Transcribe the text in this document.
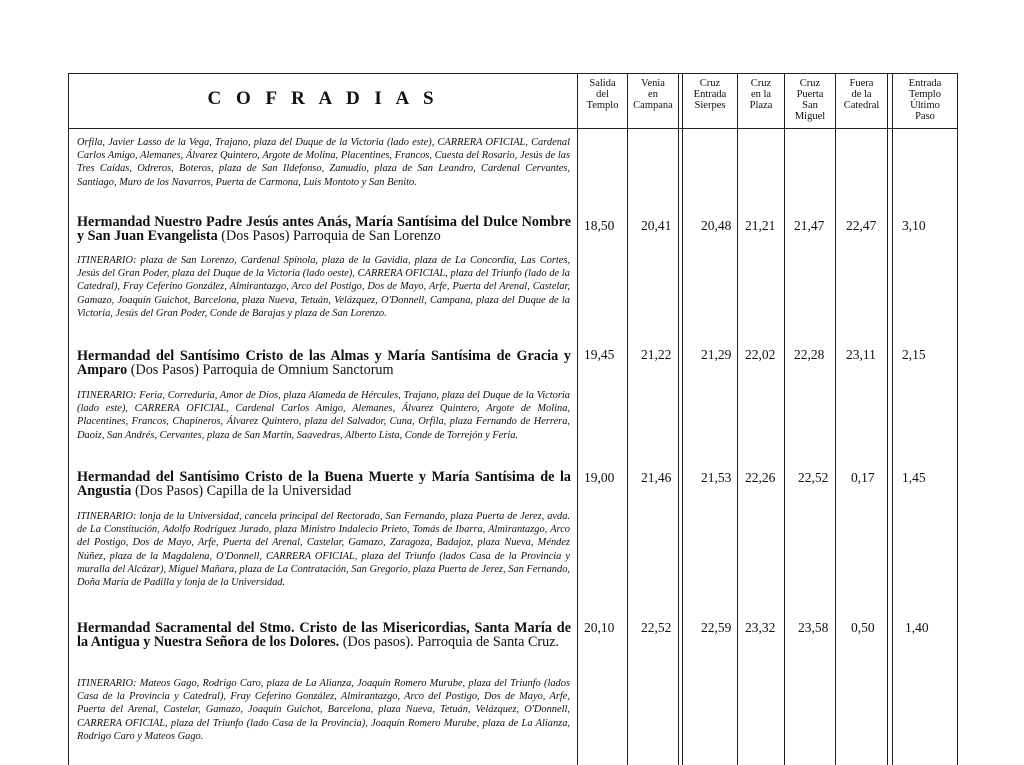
C O F R A D I A S
Salida
del
Templo
Venia
en
Campana
Cruz
Entrada
Sierpes
Cruz
en la
Plaza
Cruz
Puerta
San
Miguel
Fuera
de la
Catedral
Entrada
Templo
Último
Paso
Orfila, Javier Lasso de la Vega, Trajano, plaza del Duque de la Victoria (lado este), CARRERA OFICIAL, Cardenal Carlos Amigo, Alemanes, Álvarez Quintero, Argote de Molina, Placentines, Francos, Cuesta del Rosario, Jesús de las Tres Caídas, Odreros, Boteros, plaza de San Ildefonso, Zamudio, plaza de San Leandro, Cardenal Cervantes, Santiago, Muro de los Navarros, Puerta de Carmona, Luis Montoto y San Benito.
Hermandad Nuestro Padre Jesús antes Anás, María Santísima del Dulce Nombre y San Juan Evangelista (Dos Pasos) Parroquia de San Lorenzo
18,50 20,41 20,48 21,21 21,47 22,47 3,10
ITINERARIO: plaza de San Lorenzo, Cardenal Spínola, plaza de la Gavidia, plaza de La Concordia, Las Cortes, Jesús del Gran Poder, plaza del Duque de la Victoria (lado oeste), CARRERA OFICIAL, plaza del Triunfo (lado de la Catedral), Fray Ceferino González, Almirantazgo, Arco del Postigo, Dos de Mayo, Arfe, Puerta del Arenal, Castelar, Gamazo, Joaquín Guichot, Barcelona, plaza Nueva, Tetuán, Velázquez, O'Donnell, Campana, plaza del Duque de la Victoria, Jesús del Gran Poder, Conde de Barajas y plaza de San Lorenzo.
Hermandad del Santísimo Cristo de las Almas y María Santísima de Gracia y Amparo (Dos Pasos) Parroquia de Omnium Sanctorum
19,45 21,22 21,29 22,02 22,28 23,11 2,15
ITINERARIO: Feria, Correduría, Amor de Dios, plaza Alameda de Hércules, Trajano, plaza del Duque de la Victoria (lado este), CARRERA OFICIAL, Cardenal Carlos Amigo, Alemanes, Álvarez Quintero, Argote de Molina, Placentines, Francos, Chapineros, Álvarez Quintero, plaza del Salvador, Cuna, Orfila, plaza Fernando de Herrera, Daoiz, San Andrés, Cervantes, plaza de San Martín, Saavedras, Alberto Lista, Conde de Torrejón y Feria.
Hermandad del Santísimo Cristo de la Buena Muerte y María Santísima de la Angustia (Dos Pasos) Capilla de la Universidad
19,00 21,46 21,53 22,26 22,52 0,17 1,45
ITINERARIO: lonja de la Universidad, cancela principal del Rectorado, San Fernando, plaza Puerta de Jerez, avda. de La Constitución, Adolfo Rodríguez Jurado, plaza Ministro Indalecio Prieto, Tomás de Ibarra, Almirantazgo, Arco del Postigo, Dos de Mayo, Arfe, Puerta del Arenal, Castelar, Gamazo, Zaragoza, Badajoz, plaza Nueva, Méndez Núñez, plaza de la Magdalena, O'Donnell, CARRERA OFICIAL, plaza del Triunfo (lados Casa de la Provincia y muralla del Alcázar), Miguel Mañara, plaza de La Contratación, San Gregorio, plaza Puerta de Jerez, San Fernando, Doña María de Padilla y lonja de la Universidad.
Hermandad Sacramental del Stmo. Cristo de las Misericordias, Santa María de la Antigua y Nuestra Señora de los Dolores. (Dos pasos). Parroquia de Santa Cruz.
20,10 22,52 22,59 23,32 23,58 0,50 1,40
ITINERARIO: Mateos Gago, Rodrigo Caro, plaza de La Alianza, Joaquín Romero Murube, plaza del Triunfo (lados Casa de la Provincia y Catedral), Fray Ceferino González, Almirantazgo, Arco del Postigo, Dos de Mayo, Arfe, Puerta del Arenal, Castelar, Gamazo, Joaquín Guichot, Barcelona, plaza Nueva, Tetuán, Velázquez, O'Donnell, CARRERA OFICIAL, plaza del Triunfo (lado Casa de la Provincia), Joaquín Romero Murube, plaza de La Alianza, Rodrigo Caro y Mateos Gago.
